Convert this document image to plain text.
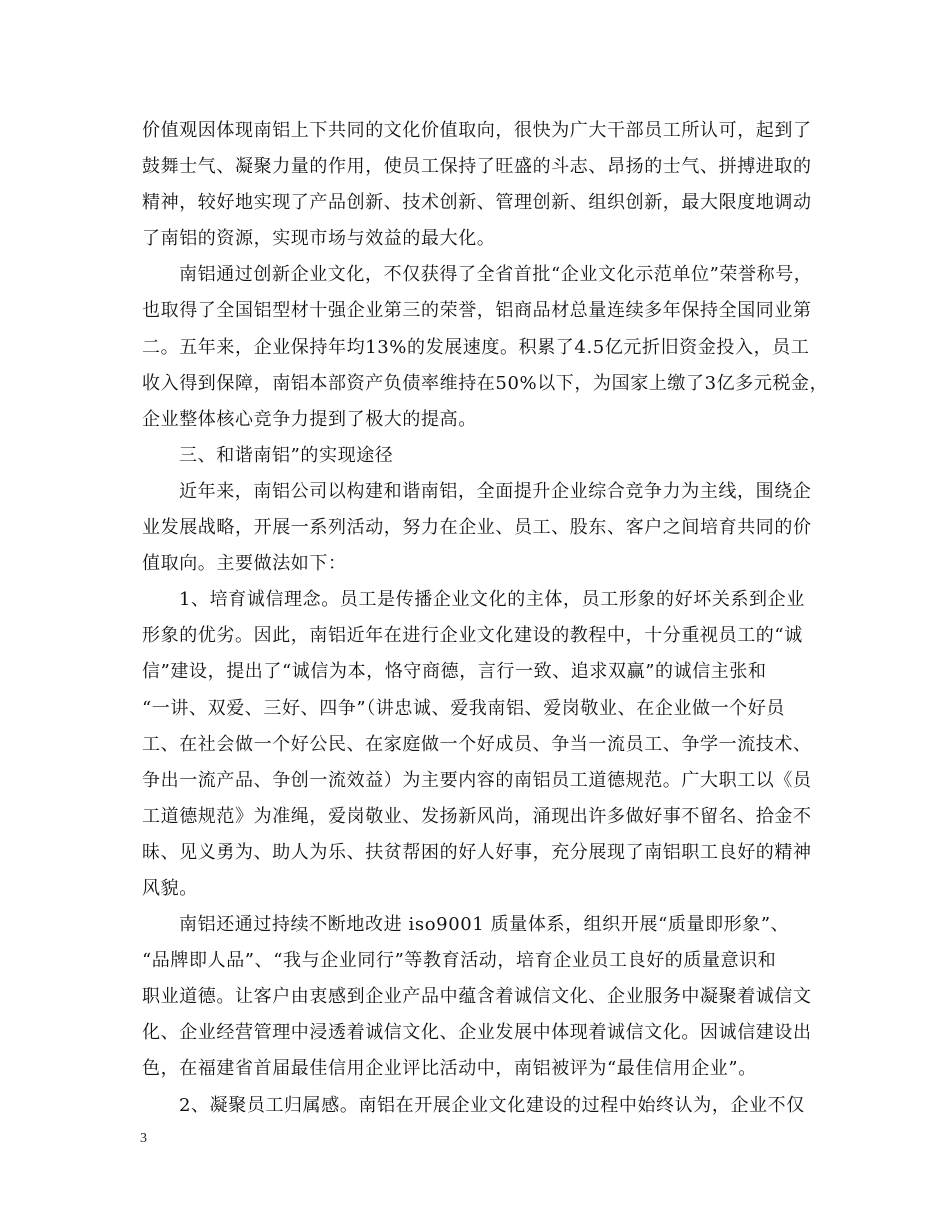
价值观因体现南铝上下共同的文化价值取向，很快为广大干部员工所认可，起到了
鼓舞士气、凝聚力量的作用，使员工保持了旺盛的斗志、昂扬的士气、拼搏进取的
精神，较好地实现了产品创新、技术创新、管理创新、组织创新，最大限度地调动
了南铝的资源，实现市场与效益的最大化。
南铝通过创新企业文化，不仅获得了全省首批“企业文化示范单位”荣誉称号，
也取得了全国铝型材十强企业第三的荣誉，铝商品材总量连续多年保持全国同业第
二。五年来，企业保持年均13%的发展速度。积累了4.5亿元折旧资金投入，员工
收入得到保障，南铝本部资产负债率维持在50%以下，为国家上缴了3亿多元税金，
企业整体核心竞争力提到了极大的提高。
三、和谐南铝”的实现途径
近年来，南铝公司以构建和谐南铝，全面提升企业综合竞争力为主线，围绕企
业发展战略，开展一系列活动，努力在企业、员工、股东、客户之间培育共同的价
值取向。主要做法如下：
1、培育诚信理念。员工是传播企业文化的主体，员工形象的好坏关系到企业
形象的优劣。因此，南铝近年在进行企业文化建设的教程中，十分重视员工的“诚
信”建设，提出了“诚信为本，恪守商德，言行一致、追求双赢”的诚信主张和
“一讲、双爱、三好、四争”（讲忠诚、爱我南铝、爱岗敬业、在企业做一个好员
工、在社会做一个好公民、在家庭做一个好成员、争当一流员工、争学一流技术、
争出一流产品、争创一流效益）为主要内容的南铝员工道德规范。广大职工以《员
工道德规范》为准绳，爱岗敬业、发扬新风尚，涌现出许多做好事不留名、拾金不
昧、见义勇为、助人为乐、扶贫帮困的好人好事，充分展现了南铝职工良好的精神
风貌。
南铝还通过持续不断地改进 iso9001 质量体系，组织开展“质量即形象”、
“品牌即人品”、“我与企业同行”等教育活动，培育企业员工良好的质量意识和
职业道德。让客户由衷感到企业产品中蕴含着诚信文化、企业服务中凝聚着诚信文
化、企业经营管理中浸透着诚信文化、企业发展中体现着诚信文化。因诚信建设出
色，在福建省首届最佳信用企业评比活动中，南铝被评为“最佳信用企业”。
2、凝聚员工归属感。南铝在开展企业文化建设的过程中始终认为，企业不仅
3
